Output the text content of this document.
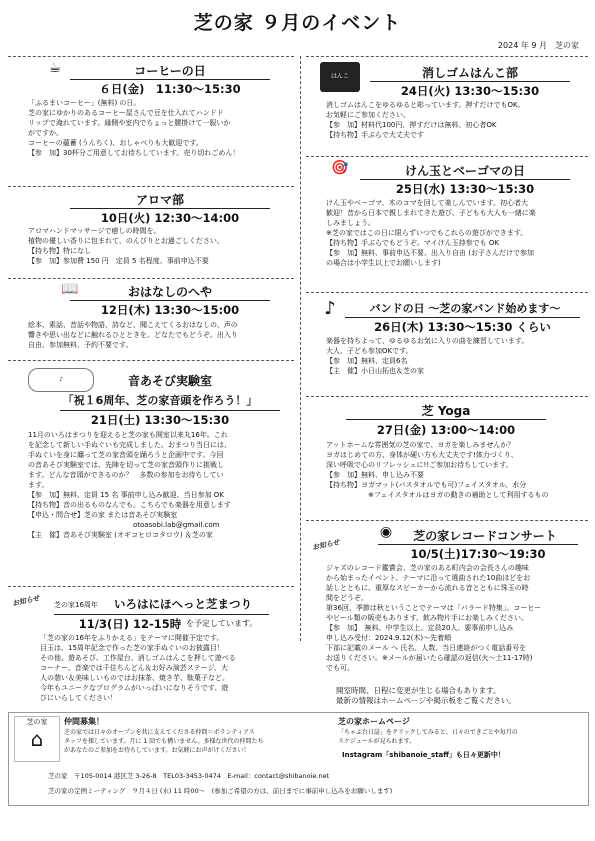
芝の家 ９月のイベント
2024 年 9 月　芝の家
☕	コーヒーの日
６日(金)　11:30〜15:30
「ふるまいコーヒー」(無料) の日。
芝の家にゆかりのあるコーヒー屋さんで豆を仕入れてハンドド
リップで淹れています。縁側や室内でちょっと腰掛けて一服いか
がですか。
コーヒーの蘊蓄 (うんちく)、おしゃべりも大歓迎です。
【参　加】30杯分ご用意してお待ちしています。売り切れごめん！
アロマ部
10日(火) 12:30〜14:00
アロマハンドマッサージで癒しの時間を。
植物の優しい香りに包まれて、のんびりとお過ごしください。
【持ち物】特になし
【参　加】参加費 150 円　定員 5 名程度、事前申込不要
📖	おはなしのへや
12日(木) 13:30〜15:00
絵本、素話、昔話や物語、詩など、聞こえてくるおはなしの、声の
響きや思い出などに触れるひとときを。どなたでもどうぞ。出入り
自由、参加無料、予約不要です。
♪	音あそび実験室
「祝１6周年、芝の家音頭を作ろう！」
21日(土) 13:30〜15:30
11月のいろはまつりを迎えると芝の家も開室以来丸16年。これ
を記念して新しい手ぬぐいも完成しました。おまつり当日には、
手ぬぐいを身に纏って芝の家音頭を踊ろうと企画中です。今回
の音あそび実験室では、先陣を切って芝の家音頭作りに挑戦し
ます。どんな音頭ができるのか？　多数の参加をお待ちしてい
ます。
【参　加】無料、定員 15 名 事前申し込み歓迎、当日参加 OK
【持ち物】音の出るものなんでも。こちらでも楽器を用意します
【申込・問合せ】芝の家 または音あそび実験室
　　　　　　　　　　　　　　　otoasobi.lab@gmail.com
【主　催】音あそび実験室 (オギコヒロコタロウ) ＆芝の家
お知らせ 芝の家16周年	いろはにほへっと芝まつり
11/3(日) 12-15時 を予定しています。
「芝の家の16年をふりかえる」をテーマに開催予定です。
目玉は、15周年記念で作った芝の家手ぬぐいのお披露目！
その他、遊あそび、工作屋台、消しゴムはんこを押して遊べる
コーナー、音楽では千住ちんどん＆お好み演芸ステージ、大
人の憩い＆美味しいものではお抹茶、焼き芋、駄菓子など。
今年もユニークなプログラムがいっぱいになりそうです、遊
びにいらしてください！
はんこ	消しゴムはんこ部
24日(火) 13:30〜15:30
消しゴムはんこをゆるゆると彫っています。押すだけでもOK。
お気軽にご参加ください。
【参　加】材料代100円、押すだけは無料、初心者OK
【持ち物】手ぶらで大丈夫です
🎯	けん玉とベーゴマの日
25日(水) 13:30〜15:30
けん玉やベーゴマ、木のコマを回して楽しんでいます。初心者大
歓迎！昔から日本で親しまれてきた遊び、子どもも大人も一緒に楽
しみましょう。
※芝の家ではこの日に限らずいつでもこれらの遊びができます。
【持ち物】手ぶらでもどうぞ。マイけん玉持参でも OK
【参　加】無料、事前申込不要、出入り自由 (お子さんだけで参加
の場合は小学生以上でお願いします)
♪	バンドの日 〜芝の家バンド始めます〜
26日(木) 13:30〜15:30 くらい
楽器を持ちよって、ゆるゆるお気に入りの曲を練習しています。
大人、子ども参加OKです。
【参　加】無料、定員6名
【主　催】小日山拓也＆芝の家
芝 Yoga
27日(金) 13:00〜14:00
アットホームな雰囲気の芝の家で、ヨガを楽しみませんか？
ヨガはじめての方、身体が硬い方も大丈夫です!体力づくり、
深い呼吸で心のリフレッシュに!!ご参加お待ちしています。
【参　加】無料、申し込み不要
【持ち物】ヨガマット(バスタオルでも可)フェイスタオル、水分
　　　　　　※フェイスタオルはヨガの動きの補助として利用するもの
お知らせ
◉	芝の家レコードコンサート
10/5(土)17:30〜19:30
ジャズのレコード鑑賞会、芝の家のある町内会の会長さんの趣味
から始まったイベント、テーマに沿って選曲された10曲ほどをお
話しとともに、重厚なスピーカーから流れる音とともに珠玉の時
間をどうぞ。
第36回、季節は秋ということでテーマは「バラード特集」。コーヒー
やビール類の販売もあります、飲み物片手にお楽しみください。
【参　加】　無料、中学生以上、定員20人、要事前申し込み
申し込み受付：2024.9.12(木)〜先着順
下部に記載のメール へ 氏名、人数、当日連絡がつく電話番号を
お送りください。※メールが届いたら確認の返信(火〜土11-17時)
でも可。
開室時間、日程に変更が生じる場合もあります。
最新の情報はホームページや掲示板をご覧ください。
芝の家
⌂
仲間募集！
芝の家では日々のオープンを共に支えてくださる仲間＝ボランティアス
タッフを探しています。月に 1 回でも構いません。多様な世代の仲間たち
があなたのご参加をお待ちしています。お気軽にお声がけください！
芝の家ホームページ
「ちゃぶ台日誌」をクリックしてみると、日々のできごとや毎月の
スケジュールが見られます。
Instagram「shibanoie_staff」も日々更新中！
芝の家　〒105-0014 港区芝 3-26-8　TEL03-3453-0474　E-mail：contact@shibanoie.net
芝の家の定例ミーティング　９月４日 (水) 11 時00〜　(参加ご希望の方は、前日までに事前申し込みをお願いします)
